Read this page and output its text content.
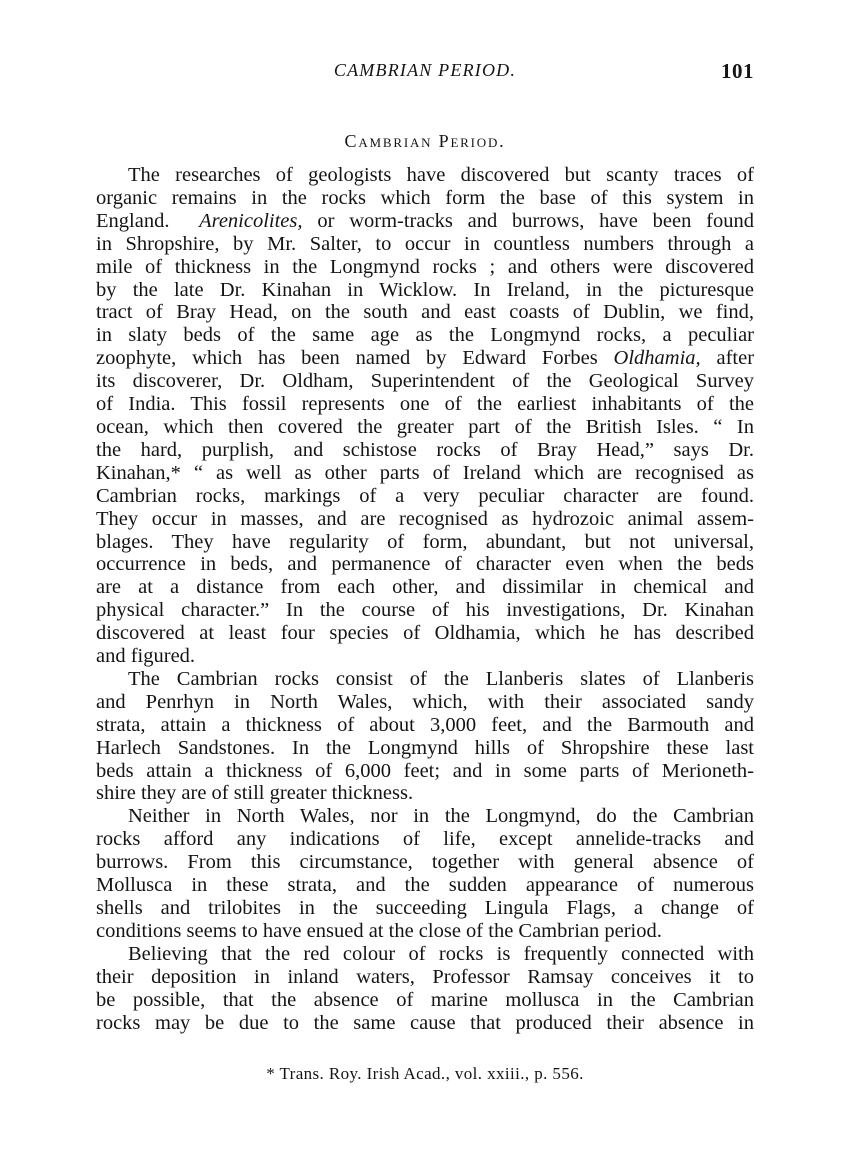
CAMBRIAN PERIOD.	101
Cambrian Period.

The researches of geologists have discovered but scanty traces of
organic remains in the rocks which form the base of this system in
England. Arenicolites, or worm-tracks and burrows, have been found
in Shropshire, by Mr. Salter, to occur in countless numbers through a
mile of thickness in the Longmynd rocks ; and others were discovered
by the late Dr. Kinahan in Wicklow. In Ireland, in the picturesque
tract of Bray Head, on the south and east coasts of Dublin, we find,
in slaty beds of the same age as the Longmynd rocks, a peculiar
zoophyte, which has been named by Edward Forbes Oldhamia, after
its discoverer, Dr. Oldham, Superintendent of the Geological Survey
of India. This fossil represents one of the earliest inhabitants of the
ocean, which then covered the greater part of the British Isles. “ In
the hard, purplish, and schistose rocks of Bray Head,” says Dr.
Kinahan,* “ as well as other parts of Ireland which are recognised as
Cambrian rocks, markings of a very peculiar character are found.
They occur in masses, and are recognised as hydrozoic animal assem-
blages. They have regularity of form, abundant, but not universal,
occurrence in beds, and permanence of character even when the beds
are at a distance from each other, and dissimilar in chemical and
physical character.” In the course of his investigations, Dr. Kinahan
discovered at least four species of Oldhamia, which he has described
and figured.

The Cambrian rocks consist of the Llanberis slates of Llanberis
and Penrhyn in North Wales, which, with their associated sandy
strata, attain a thickness of about 3,000 feet, and the Barmouth and
Harlech Sandstones. In the Longmynd hills of Shropshire these last
beds attain a thickness of 6,000 feet; and in some parts of Merioneth-
shire they are of still greater thickness.

Neither in North Wales, nor in the Longmynd, do the Cambrian
rocks afford any indications of life, except annelide-tracks and
burrows. From this circumstance, together with general absence of
Mollusca in these strata, and the sudden appearance of numerous
shells and trilobites in the succeeding Lingula Flags, a change of
conditions seems to have ensued at the close of the Cambrian period.

Believing that the red colour of rocks is frequently connected with
their deposition in inland waters, Professor Ramsay conceives it to
be possible, that the absence of marine mollusca in the Cambrian
rocks may be due to the same cause that produced their absence in

* Trans. Roy. Irish Acad., vol. xxiii., p. 556.
